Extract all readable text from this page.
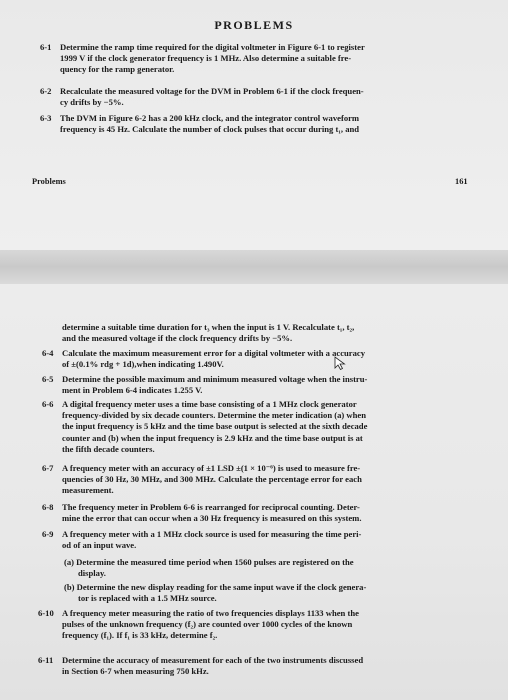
PROBLEMS
6-1 Determine the ramp time required for the digital voltmeter in Figure 6-1 to register
1999 V if the clock generator frequency is 1 MHz. Also determine a suitable fre-
quency for the ramp generator.
6-2 Recalculate the measured voltage for the DVM in Problem 6-1 if the clock frequen-
cy drifts by −5%.
6-3 The DVM in Figure 6-2 has a 200 kHz clock, and the integrator control waveform
frequency is 45 Hz. Calculate the number of clock pulses that occur during t₁, and
Problems	161
determine a suitable time duration for t₃ when the input is 1 V. Recalculate t₁, t₂,
and the measured voltage if the clock frequency drifts by −5%.
6-4 Calculate the maximum measurement error for a digital voltmeter with a accuracy
of ±(0.1% rdg + 1d),when indicating 1.490V.
6-5 Determine the possible maximum and minimum measured voltage when the instru-
ment in Problem 6-4 indicates 1.255 V.
6-6 A digital frequency meter uses a time base consisting of a 1 MHz clock generator
frequency-divided by six decade counters. Determine the meter indication (a) when
the input frequency is 5 kHz and the time base output is selected at the sixth decade
counter and (b) when the input frequency is 2.9 kHz and the time base output is at
the fifth decade counters.
6-7 A frequency meter with an accuracy of ±1 LSD ±(1 × 10⁻⁶) is used to measure fre-
quencies of 30 Hz, 30 MHz, and 300 MHz. Calculate the percentage error for each
measurement.
6-8 The frequency meter in Problem 6-6 is rearranged for reciprocal counting. Deter-
mine the error that can occur when a 30 Hz frequency is measured on this system.
6-9 A frequency meter with a 1 MHz clock source is used for measuring the time peri-
od of an input wave.
(a) Determine the measured time period when 1560 pulses are registered on the
display.
(b) Determine the new display reading for the same input wave if the clock genera-
tor is replaced with a 1.5 MHz source.
6-10 A frequency meter measuring the ratio of two frequencies displays 1133 when the
pulses of the unknown frequency (f₂) are counted over 1000 cycles of the known
frequency (f₁). If f₁ is 33 kHz, determine f₂.
6-11 Determine the accuracy of measurement for each of the two instruments discussed
in Section 6-7 when measuring 750 kHz.
